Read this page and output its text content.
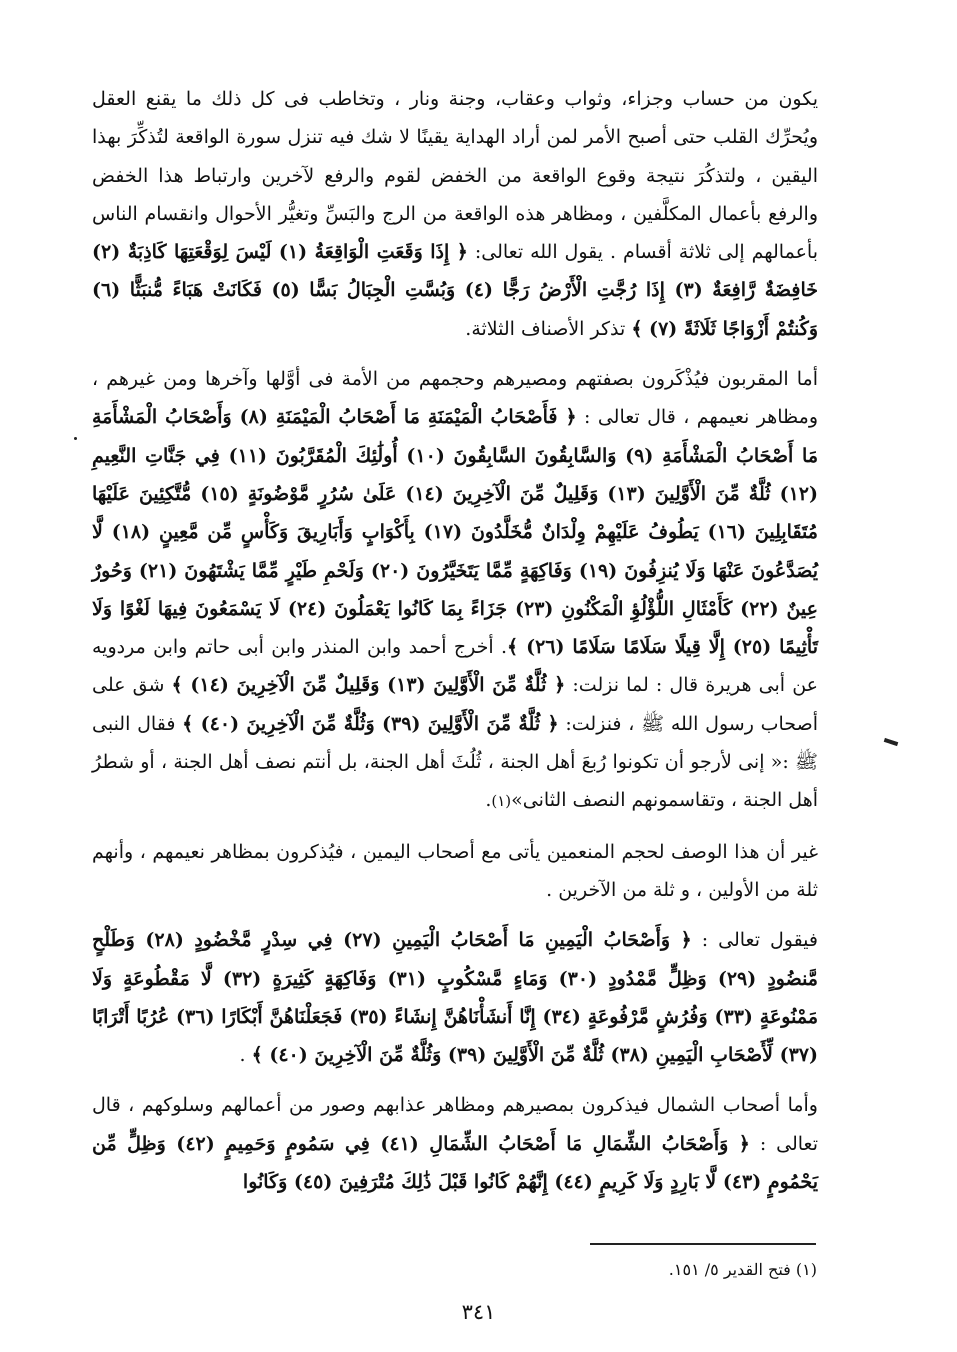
يكون من حساب وجزاء، وثواب وعقاب، وجنة ونار ، وتخاطب فى كل ذلك ما يقنع العقل ويُحرِّك القلب حتى أصبح الأمر لمن أراد الهداية يقينًا لا شك فيه تنزل سورة الواقعة لتُذكِّرَ بهذا اليقين ، ولتذكُرَ نتيجة وقوع الواقعة من الخفض لقوم والرفع لآخرين وارتباط هذا الخفض والرفع بأعمال المكلَّفين ، ومظاهر هذه الواقعة من الرج والبَسِّ وتغيُّر الأحوال وانقسام الناس بأعمالهم إلى ثلاثة أقسام . يقول الله تعالى: ﴿ إِذَا وَقَعَتِ الْوَاقِعَةُ (١) لَيْسَ لِوَقْعَتِهَا كَاذِبَةٌ (٢) خَافِضَةٌ رَّافِعَةٌ (٣) إِذَا رُجَّتِ الْأَرْضُ رَجًّا (٤) وَبُسَّتِ الْجِبَالُ بَسًّا (٥) فَكَانَتْ هَبَاءً مُّنبَثًّا (٦) وَكُنتُمْ أَزْوَاجًا ثَلَاثَةً (٧) ﴾ تذكر الأصناف الثلاثة.

أما المقربون فيُذْكَرون بصفتهم ومصيرهم وحجمهم من الأمة فى أوَّلها وآخرها ومن غيرهم ، ومظاهر نعيمهم ، قال تعالى : ﴿ فَأَصْحَابُ الْمَيْمَنَةِ مَا أَصْحَابُ الْمَيْمَنَةِ (٨) وَأَصْحَابُ الْمَشْأَمَةِ مَا أَصْحَابُ الْمَشْأَمَةِ (٩) وَالسَّابِقُونَ السَّابِقُونَ (١٠) أُولَٰئِكَ الْمُقَرَّبُونَ (١١) فِي جَنَّاتِ النَّعِيمِ (١٢) ثُلَّةٌ مِّنَ الْأَوَّلِينَ (١٣) وَقَلِيلٌ مِّنَ الْآخِرِينَ (١٤) عَلَىٰ سُرُرٍ مَّوْضُونَةٍ (١٥) مُّتَّكِئِينَ عَلَيْهَا مُتَقَابِلِينَ (١٦) يَطُوفُ عَلَيْهِمْ وِلْدَانٌ مُّخَلَّدُونَ (١٧) بِأَكْوَابٍ وَأَبَارِيقَ وَكَأْسٍ مِّن مَّعِينٍ (١٨) لَّا يُصَدَّعُونَ عَنْهَا وَلَا يُنزِفُونَ (١٩) وَفَاكِهَةٍ مِّمَّا يَتَخَيَّرُونَ (٢٠) وَلَحْمِ طَيْرٍ مِّمَّا يَشْتَهُونَ (٢١) وَحُورٌ عِينٌ (٢٢) كَأَمْثَالِ اللُّؤْلُؤِ الْمَكْنُونِ (٢٣) جَزَاءً بِمَا كَانُوا يَعْمَلُونَ (٢٤) لَا يَسْمَعُونَ فِيهَا لَغْوًا وَلَا تَأْثِيمًا (٢٥) إِلَّا قِيلًا سَلَامًا سَلَامًا (٢٦) ﴾. أخرج أحمد وابن المنذر وابن أبى حاتم وابن مردويه عن أبى هريرة قال : لما نزلت: ﴿ ثُلَّةٌ مِّنَ الْأَوَّلِينَ (١٣) وَقَلِيلٌ مِّنَ الْآخِرِينَ (١٤) ﴾ شق على أصحاب رسول الله ﷺ ، فنزلت: ﴿ ثُلَّةٌ مِّنَ الْأَوَّلِينَ (٣٩) وَثُلَّةٌ مِّنَ الْآخِرِينَ (٤٠) ﴾ فقال النبى ﷺ :« إنى لأرجو أن تكونوا رُبعَ أهل الجنة ، ثُلُثَ أهل الجنة، بل أنتم نصف أهل الجنة ، أو شطرُ أهل الجنة ، وتقاسمونهم النصف الثانى»(١).

غير أن هذا الوصف لحجم المنعمين يأتى مع أصحاب اليمين ، فيُذكرون بمظاهر نعيمهم ، وأنهم ثلة من الأولين ، و ثلة من الآخرين .

فيقول تعالى : ﴿ وَأَصْحَابُ الْيَمِينِ مَا أَصْحَابُ الْيَمِينِ (٢٧) فِي سِدْرٍ مَّخْضُودٍ (٢٨) وَطَلْحٍ مَّنضُودٍ (٢٩) وَظِلٍّ مَّمْدُودٍ (٣٠) وَمَاءٍ مَّسْكُوبٍ (٣١) وَفَاكِهَةٍ كَثِيرَةٍ (٣٢) لَّا مَقْطُوعَةٍ وَلَا مَمْنُوعَةٍ (٣٣) وَفُرُشٍ مَّرْفُوعَةٍ (٣٤) إِنَّا أَنشَأْنَاهُنَّ إِنشَاءً (٣٥) فَجَعَلْنَاهُنَّ أَبْكَارًا (٣٦) عُرُبًا أَتْرَابًا (٣٧) لِّأَصْحَابِ الْيَمِينِ (٣٨) ثُلَّةٌ مِّنَ الْأَوَّلِينَ (٣٩) وَثُلَّةٌ مِّنَ الْآخِرِينَ (٤٠) ﴾ .

وأما أصحاب الشمال فيذكرون بمصيرهم ومظاهر عذابهم وصور من أعمالهم وسلوكهم ، قال تعالى : ﴿ وَأَصْحَابُ الشِّمَالِ مَا أَصْحَابُ الشِّمَالِ (٤١) فِي سَمُومٍ وَحَمِيمٍ (٤٢) وَظِلٍّ مِّن يَحْمُومٍ (٤٣) لَّا بَارِدٍ وَلَا كَرِيمٍ (٤٤) إِنَّهُمْ كَانُوا قَبْلَ ذَٰلِكَ مُتْرَفِينَ (٤٥) وَكَانُوا

(١) فتح القدير ٥/ ١٥١.
٣٤١
